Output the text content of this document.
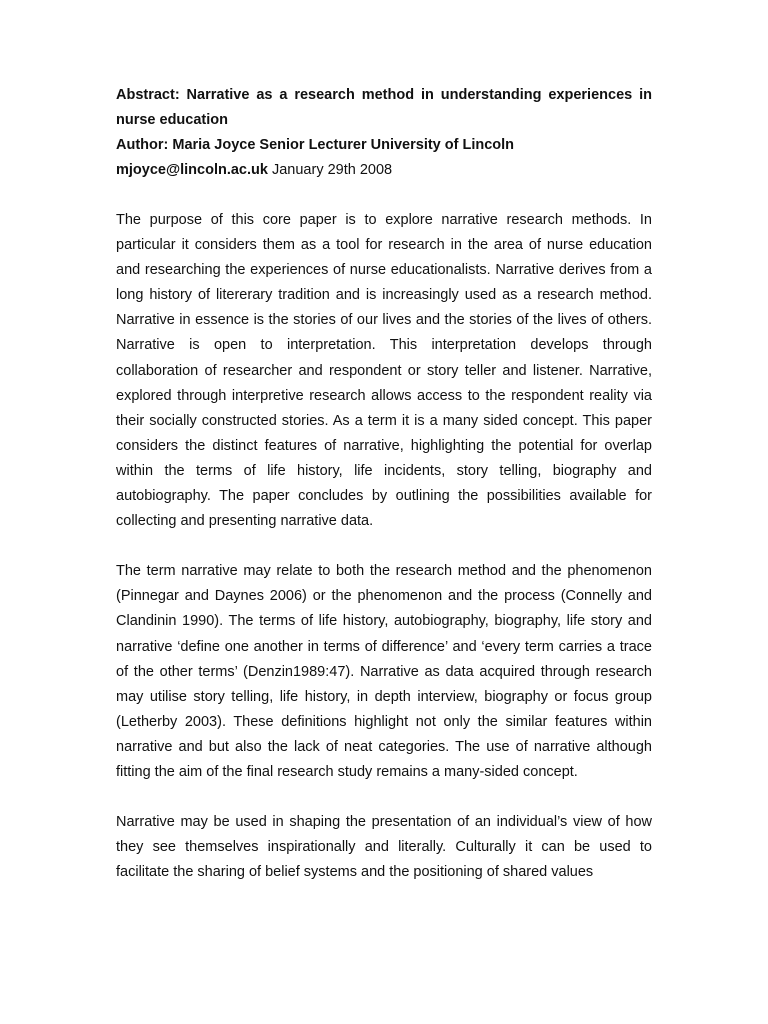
Abstract: Narrative as a research method in understanding experiences in nurse education

Author: Maria Joyce Senior Lecturer University of Lincoln

mjoyce@lincoln.ac.uk January 29th 2008

The purpose of this core paper is to explore narrative research methods. In particular it considers them as a tool for research in the area of nurse education and researching the experiences of nurse educationalists. Narrative derives from a long history of litererary tradition and is increasingly used as a research method. Narrative in essence is the stories of our lives and the stories of the lives of others. Narrative is open to interpretation. This interpretation develops through collaboration of researcher and respondent or story teller and listener. Narrative, explored through interpretive research allows access to the respondent reality via their socially constructed stories. As a term it is a many sided concept. This paper considers the distinct features of narrative, highlighting the potential for overlap within the terms of life history, life incidents, story telling, biography and autobiography. The paper concludes by outlining the possibilities available for collecting and presenting narrative data.

The term narrative may relate to both the research method and the phenomenon (Pinnegar and Daynes 2006) or the phenomenon and the process (Connelly and Clandinin 1990). The terms of life history, autobiography, biography, life story and narrative ‘define one another in terms of difference’ and ‘every term carries a trace of the other terms’ (Denzin1989:47). Narrative as data acquired through research may utilise story telling, life history, in depth interview, biography or focus group (Letherby 2003). These definitions highlight not only the similar features within narrative and but also the lack of neat categories. The use of narrative although fitting the aim of the final research study remains a many-sided concept.

Narrative may be used in shaping the presentation of an individual’s view of how they see themselves inspirationally and literally. Culturally it can be used to facilitate the sharing of belief systems and the positioning of shared values
